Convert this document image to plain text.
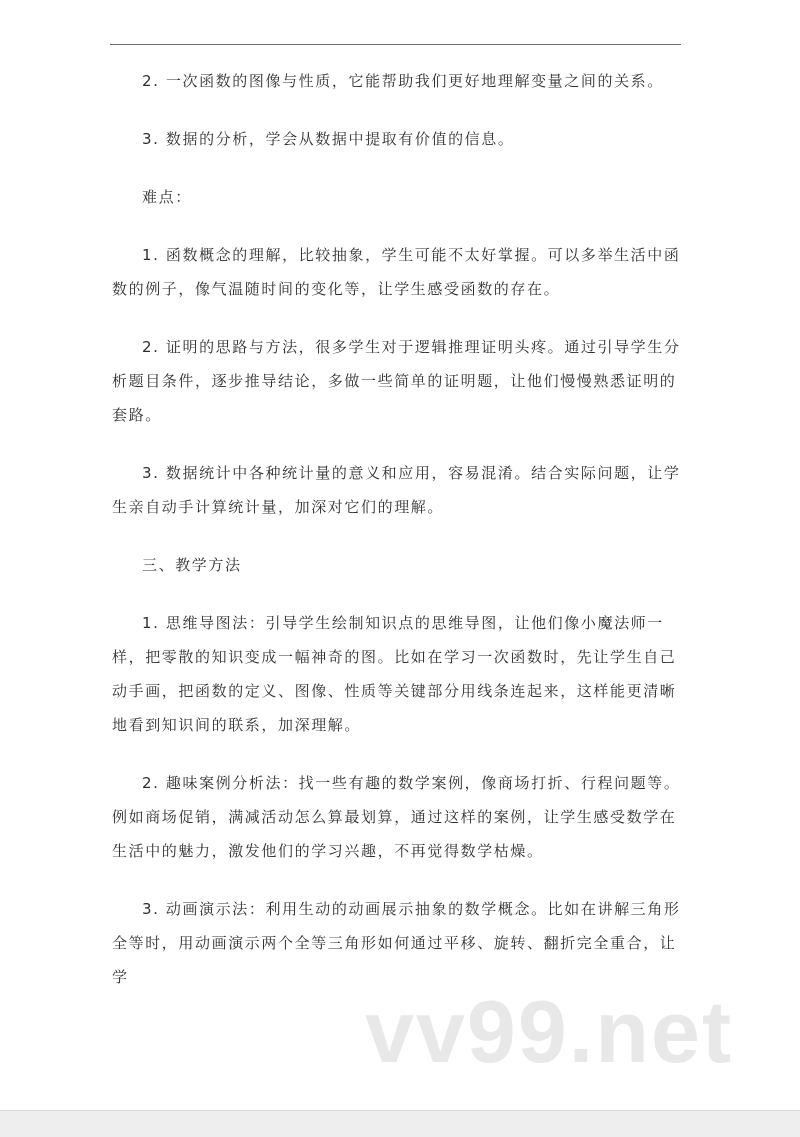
2. 一次函数的图像与性质，它能帮助我们更好地理解变量之间的关系。

3. 数据的分析，学会从数据中提取有价值的信息。

难点：

1. 函数概念的理解，比较抽象，学生可能不太好掌握。可以多举生活中函数的例子，像气温随时间的变化等，让学生感受函数的存在。

2. 证明的思路与方法，很多学生对于逻辑推理证明头疼。通过引导学生分析题目条件，逐步推导结论，多做一些简单的证明题，让他们慢慢熟悉证明的套路。

3. 数据统计中各种统计量的意义和应用，容易混淆。结合实际问题，让学生亲自动手计算统计量，加深对它们的理解。

三、教学方法

1. 思维导图法：引导学生绘制知识点的思维导图，让他们像小魔法师一样，把零散的知识变成一幅神奇的图。比如在学习一次函数时，先让学生自己动手画，把函数的定义、图像、性质等关键部分用线条连起来，这样能更清晰地看到知识间的联系，加深理解。

2. 趣味案例分析法：找一些有趣的数学案例，像商场打折、行程问题等。例如商场促销，满减活动怎么算最划算，通过这样的案例，让学生感受数学在生活中的魅力，激发他们的学习兴趣，不再觉得数学枯燥。

3. 动画演示法：利用生动的动画展示抽象的数学概念。比如在讲解三角形全等时，用动画演示两个全等三角形如何通过平移、旋转、翻折完全重合，让学

vv99.net
